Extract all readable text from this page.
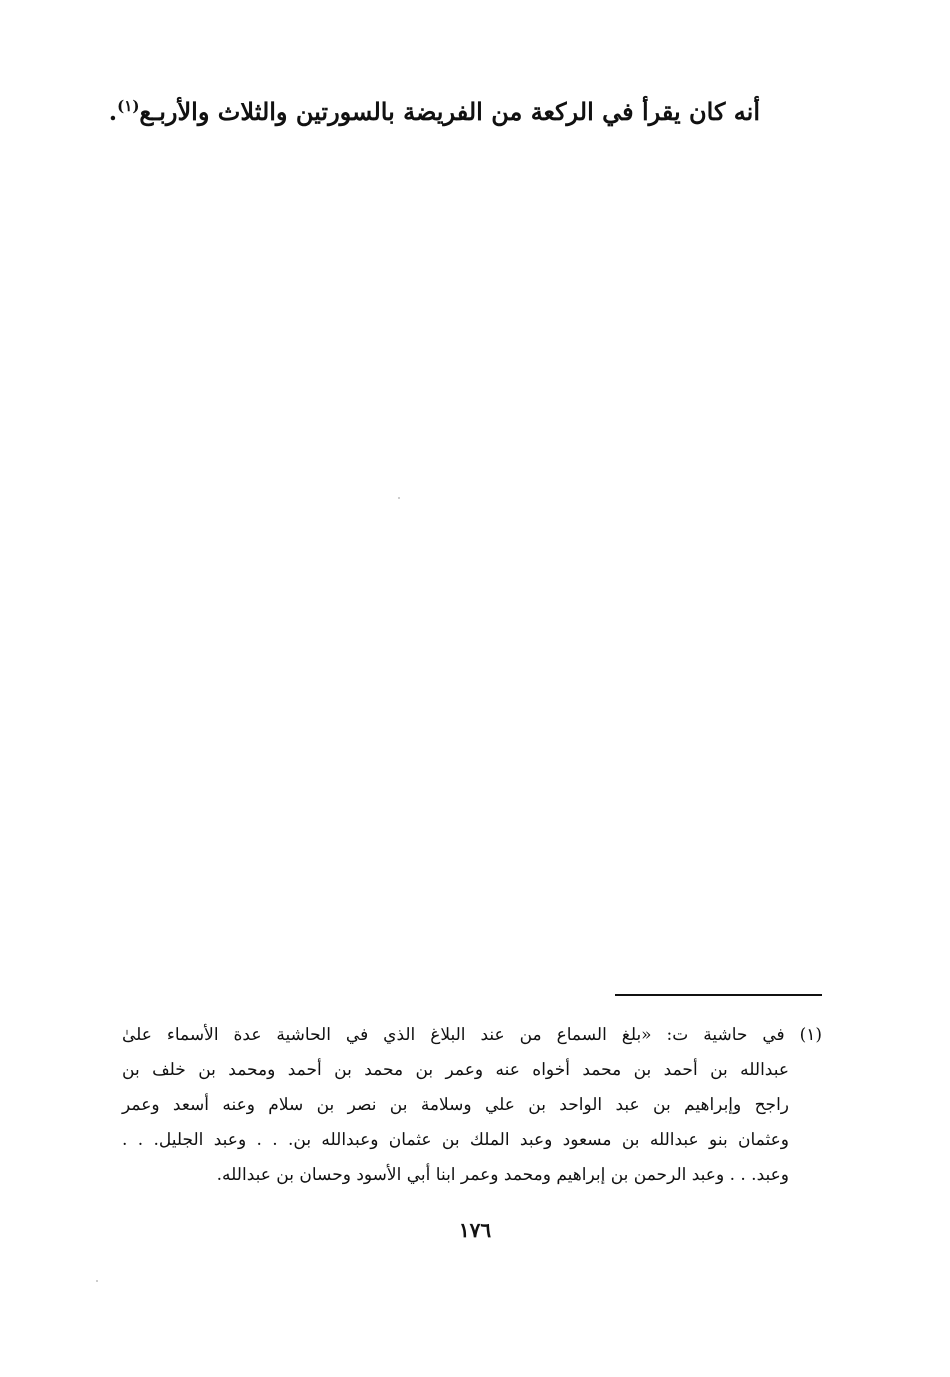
أنه كان يقرأ في الركعة من الفريضة بالسورتين والثلاث والأربـع$^{(١)}$.
(١) في حاشية ت: «بلغ السماع من عند البلاغ الذي في الحاشية عدة الأسماء علىٰ
عبدالله بن أحمد بن محمد أخواه عنه وعمر بن محمد بن أحمد ومحمد بن خلف بن
راجح وإبراهيم بن عبد الواحد بن علي وسلامة بن نصر بن سلام وعنه أسعد وعمر
وعثمان بنو عبدالله بن مسعود وعبد الملك بن عثمان وعبدالله بن. . . وعبد الجليل. . .
وعبد. . . وعبد الرحمن بن إبراهيم ومحمد وعمر ابنا أبي الأسود وحسان بن عبدالله.
١٧٦
